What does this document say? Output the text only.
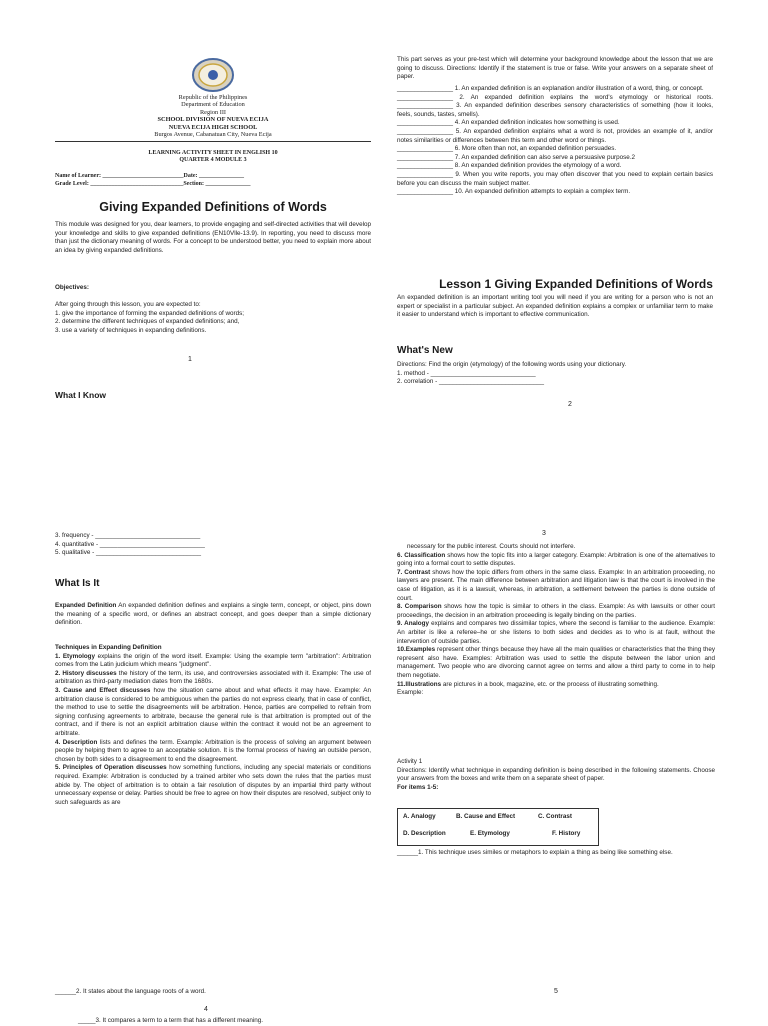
Republic of the Philippines
Department of Education
Region III
SCHOOL DIVISION OF NUEVA ECIJA
NUEVA ECIJA HIGH SCHOOL
Burgos Avenue, Cabanatuan City, Nueva Ecija
LEARNING ACTIVITY SHEET IN ENGLISH 10
QUARTER 4 MODULE 3
Name of Learner: ___________________________Date: _______________
Grade Level: _______________________________Section: _______________
Giving Expanded Definitions of Words
This module was designed for you, dear learners, to provide engaging and self-directed activities that will develop your knowledge and skills to give expanded definitions (EN10Vlle-13.9). In reporting, you need to discuss more than just the dictionary meaning of words. For a concept to be understood better, you need to explain more about an idea by giving expanded definitions.
Objectives:

After going through this lesson, you are expected to:

1. give the importance of forming the expanded definitions of words;

2. determine the different techniques of expanded definitions; and,

3. use a variety of techniques in expanding definitions.

1
What I Know
This part serves as your pre-test which will determine your background knowledge about the lesson that we are going to discuss. Directions: Identify if the statement is true or false. Write your answers on a separate sheet of paper.

________________ 1. An expanded definition is an explanation and/or illustration of a word, thing, or concept.

________________ 2. An expanded definition explains the word's etymology or historical roots. ________________ 3. An expanded definition describes sensory characteristics of something (how it looks, feels, sounds, tastes, smells).

________________ 4. An expanded definition indicates how something is used.

________________ 5. An expanded definition explains what a word is not, provides an example of it, and/or notes similarities or differences between this term and other word or things.

________________ 6. More often than not, an expanded definition persuades.

________________ 7. An expanded definition can also serve a persuasive purpose.2

________________ 8. An expanded definition provides the etymology of a word.

________________ 9. When you write reports, you may often discover that you need to explain certain basics before you can discuss the main subject matter.

________________ 10. An expanded definition attempts to explain a complex term.

Lesson 1 Giving Expanded Definitions of Words
An expanded definition is an important writing tool you will need if you are writing for a person who is not an expert or specialist in a particular subject. An expanded definition explains a complex or unfamiliar term to make it easier to understand which is important to effective communication.
What's New

Directions: Find the origin (etymology) of the following words using your dictionary.

1. method - ______________________________

2. correlation - ______________________________

2

3. frequency - ______________________________

4. quantitative - ______________________________

5. qualitative - ______________________________

What Is It

Expanded Definition An expanded definition defines and explains a single term, concept, or object, pins down the meaning of a specific word, or defines an abstract concept, and goes deeper than a simple dictionary definition.

Techniques in Expanding Definition

1. Etymology explains the origin of the word itself. Example: Using the example term "arbitration": Arbitration comes from the Latin judicium which means "judgment".

2. History discusses the history of the term, its use, and controversies associated with it. Example: The use of arbitration as third-party mediation dates from the 1680s.

3. Cause and Effect discusses how the situation came about and what effects it may have. Example: An arbitration clause is considered to be ambiguous when the parties do not express clearly, that in case of conflict, the method to use to settle the disagreements will be arbitration. Hence, parties are compelled to refrain from signing confusing agreements to arbitrate, because the general rule is that arbitration is prompted out of the contract, and if there is not an explicit arbitration clause within the contract it would not be an agreement to arbitrate.

4. Description lists and defines the term. Example: Arbitration is the process of solving an argument between people by helping them to agree to an acceptable solution. It is the formal process of having an outside person, chosen by both sides to a disagreement to end the disagreement.

5. Principles of Operation discusses how something functions, including any special materials or conditions required. Example: Arbitration is conducted by a trained arbiter who sets down the rules that the parties must abide by. The object of arbitration is to obtain a fair resolution of disputes by an impartial third party without unnecessary expense or delay. Parties should be free to agree on how their disputes are resolved, subject only to such safeguards as are

______2. It states about the language roots of a word.
4
_____3. It compares a term to a term that has a different meaning.
3

necessary for the public interest. Courts should not interfere.

6. Classification shows how the topic fits into a larger category. Example: Arbitration is one of the alternatives to going into a formal court to settle disputes.

7. Contrast shows how the topic differs from others in the same class. Example: In an arbitration proceeding, no lawyers are present. The main difference between arbitration and litigation law is that the court is involved in the case of litigation, as it is a lawsuit, whereas, in arbitration, a settlement between the parties is done outside of court.

8. Comparison shows how the topic is similar to others in the class. Example: As with lawsuits or other court proceedings, the decision in an arbitration proceeding is legally binding on the parties.

9. Analogy explains and compares two dissimilar topics, where the second is familiar to the audience. Example: An arbiter is like a referee–he or she listens to both sides and decides as to who is at fault, without the intervention of outside parties.

10.Examples represent other things because they have all the main qualities or characteristics that the thing they represent also have. Examples: Arbitration was used to settle the dispute between the labor union and management. Two people who are divorcing cannot agree on terms and allow a third party to come in to help them negotiate.

11.Illustrations are pictures in a book, magazine, etc. or the process of illustrating something.

Example:

Activity 1

Directions: Identify what technique in expanding definition is being described in the following statements. Choose your answers from the boxes and write them on a separate sheet of paper.

For items 1-5:

A. Analogy	B. Cause and Effect	C. Contrast
D. Description	E. Etymology	F. History
______1. This technique uses similes or metaphors to explain a thing as being like something else.
5
